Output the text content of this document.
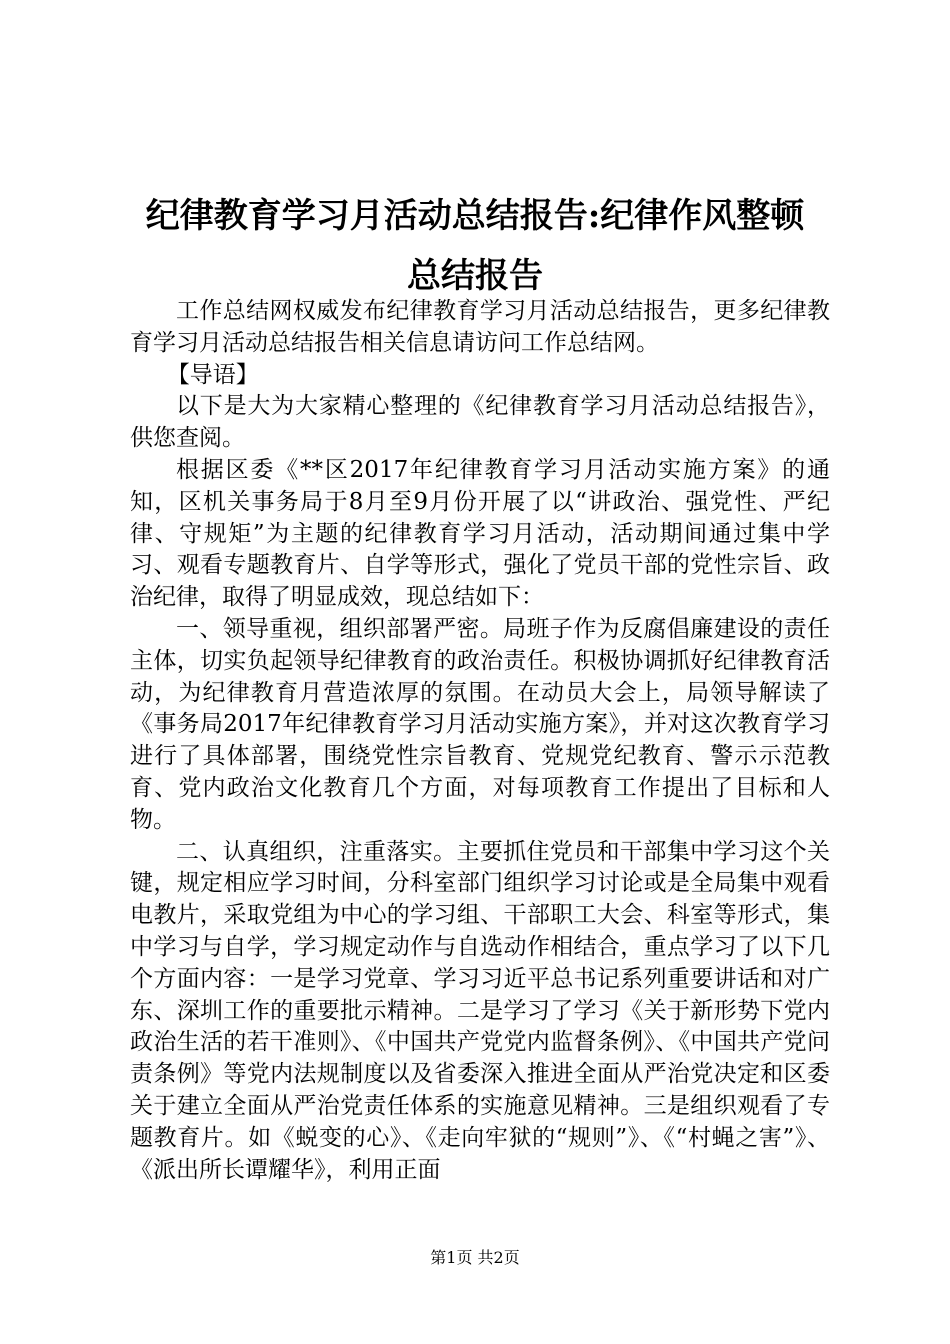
纪律教育学习月活动总结报告:纪律作风整顿
总结报告

工作总结网权威发布纪律教育学习月活动总结报告，更多纪律教育学习月活动总结报告相关信息请访问工作总结网。

【导语】

以下是大为大家精心整理的《纪律教育学习月活动总结报告》，供您查阅。

根据区委《**区2017年纪律教育学习月活动实施方案》的通知，区机关事务局于8月至9月份开展了以“讲政治、强党性、严纪律、守规矩”为主题的纪律教育学习月活动，活动期间通过集中学习、观看专题教育片、自学等形式，强化了党员干部的党性宗旨、政治纪律，取得了明显成效，现总结如下：

一、领导重视，组织部署严密。局班子作为反腐倡廉建设的责任主体，切实负起领导纪律教育的政治责任。积极协调抓好纪律教育活动，为纪律教育月营造浓厚的氛围。在动员大会上，局领导解读了《事务局2017年纪律教育学习月活动实施方案》，并对这次教育学习进行了具体部署，围绕党性宗旨教育、党规党纪教育、警示示范教育、党内政治文化教育几个方面，对每项教育工作提出了目标和人物。

二、认真组织，注重落实。主要抓住党员和干部集中学习这个关键，规定相应学习时间，分科室部门组织学习讨论或是全局集中观看电教片，采取党组为中心的学习组、干部职工大会、科室等形式，集中学习与自学，学习规定动作与自选动作相结合，重点学习了以下几个方面内容：一是学习党章、学习习近平总书记系列重要讲话和对广东、深圳工作的重要批示精神。二是学习了学习《关于新形势下党内政治生活的若干准则》、《中国共产党党内监督条例》、《中国共产党问责条例》等党内法规制度以及省委深入推进全面从严治党决定和区委关于建立全面从严治党责任体系的实施意见精神。三是组织观看了专题教育片。如《蜕变的心》、《走向牢狱的“规则”》、《“村蝇之害”》、《派出所长谭耀华》，利用正面

第1页 共2页
